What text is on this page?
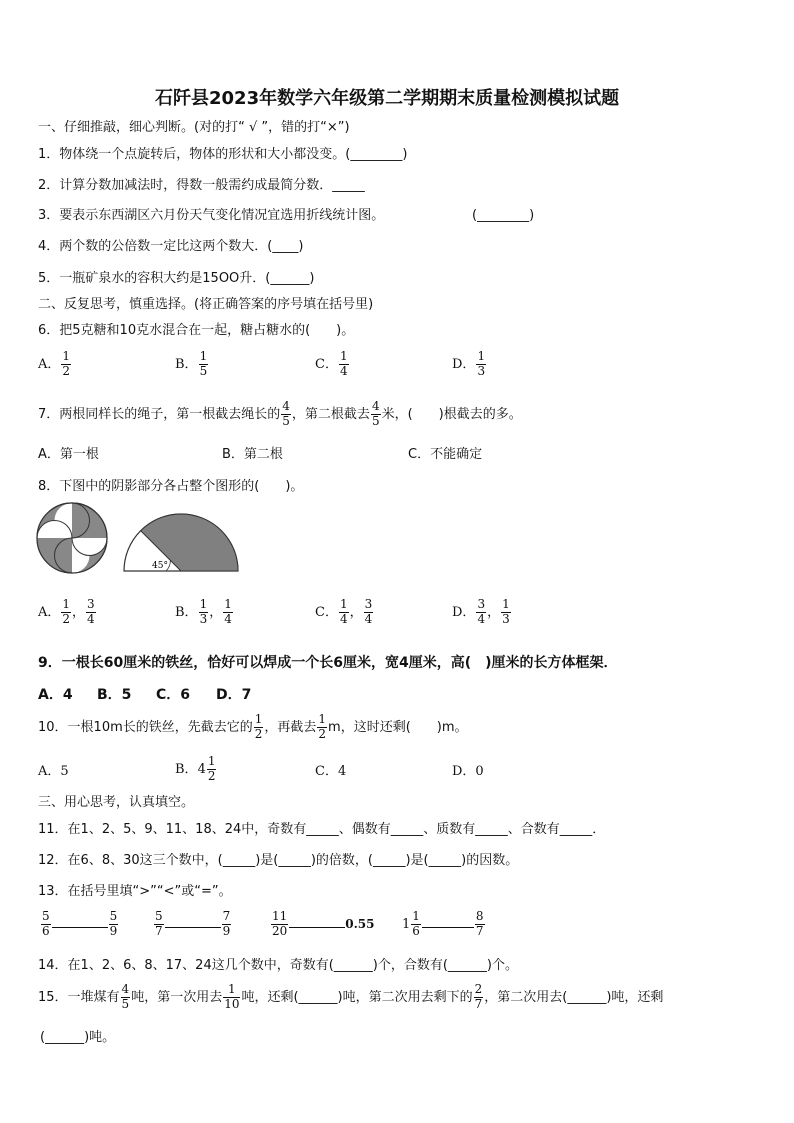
石阡县2023年数学六年级第二学期期末质量检测模拟试题
一、仔细推敲，细心判断。(对的打“ √ ”，错的打“×”)
1．物体绕一个点旋转后，物体的形状和大小都没变。(________)
2．计算分数加减法时，得数一般需约成最简分数．_____
3．要表示东西湖区六月份天气变化情况宜选用折线统计图。	(________)
4．两个数的公倍数一定比这两个数大．(____)
5．一瓶矿泉水的容积大约是15OO升．(______)
二、反复思考，慎重选择。(将正确答案的序号填在括号里)
6．把5克糖和10克水混合在一起，糖占糖水的(　　)。
A． $\frac{1}{2}$	B． $\frac{1}{5}$	C． $\frac{1}{4}$	D． $\frac{1}{3}$
7．两根同样长的绳子，第一根截去绳长的 $\frac{4}{5}$ ，第二根截去 $\frac{4}{5}$ 米，(　　)根截去的多。
A．第一根	B．第二根	C．不能确定
8．下图中的阴影部分各占整个图形的(　　)。
45°
A． $\frac{1}{2}$ ， $\frac{3}{4}$	B． $\frac{1}{3}$ ， $\frac{1}{4}$	C． $\frac{1}{4}$ ， $\frac{3}{4}$	D． $\frac{3}{4}$ ， $\frac{1}{3}$
9．一根长60厘米的铁丝，恰好可以焊成一个长6厘米，宽4厘米，高(　)厘米的长方体框架．
A．4 B．5 C．6 D．7
10．一根10m长的铁丝，先截去它的 $\frac{1}{2}$ ，再截去 $\frac{1}{2}$ m，这时还剩(　　)m。
A．5	B． $4 \frac{1}{2}$	C．4	D．0
三、用心思考，认真填空。
11．在1、2、5、9、11、18、24中，奇数有_____、偶数有_____、质数有_____、合数有_____．
12．在6、8、30这三个数中，(_____)是(_____)的倍数，(_____)是(_____)的因数。
13．在括号里填“>”“<”或“=”。
$\frac{5}{6}$	$\frac{5}{9}$	$\frac{5}{7}$	$\frac{7}{9}$	$\frac{11}{20}$	0.55 $1 \frac{1}{6}$	$\frac{8}{7}$
14．在1、2、6、8、17、24这几个数中，奇数有(______)个，合数有(______)个。
15．一堆煤有 $\frac{4}{5}$ 吨，第一次用去 $\frac{1}{10}$ 吨，还剩(______)吨，第二次用去剩下的 $\frac{2}{7}$ ，第二次用去(______)吨，还剩
(______)吨。
